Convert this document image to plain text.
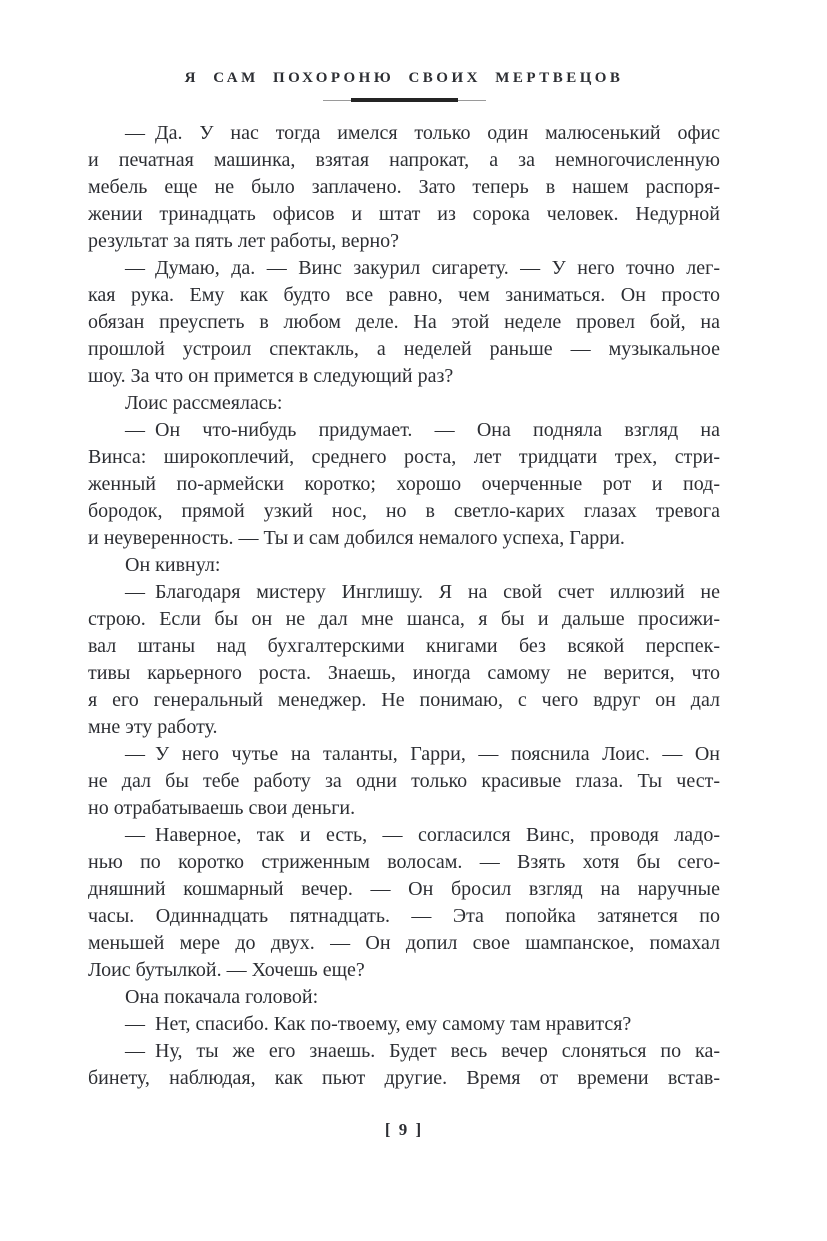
Я САМ ПОХОРОНЮ СВОИХ МЕРТВЕЦОВ
— Да. У нас тогда имелся только один малюсенький офис
и печатная машинка, взятая напрокат, а за немногочисленную
мебель еще не было заплачено. Зато теперь в нашем распоря-
жении тринадцать офисов и штат из сорока человек. Недурной
результат за пять лет работы, верно?
— Думаю, да. — Винс закурил сигарету. — У него точно лег-
кая рука. Ему как будто все равно, чем заниматься. Он просто
обязан преуспеть в любом деле. На этой неделе провел бой, на
прошлой устроил спектакль, а неделей раньше — музыкальное
шоу. За что он примется в следующий раз?
Лоис рассмеялась:
— Он что-нибудь придумает. — Она подняла взгляд на
Винса: широкоплечий, среднего роста, лет тридцати трех, стри-
женный по-армейски коротко; хорошо очерченные рот и под-
бородок, прямой узкий нос, но в светло-карих глазах тревога
и неуверенность. — Ты и сам добился немалого успеха, Гарри.
Он кивнул:
— Благодаря мистеру Инглишу. Я на свой счет иллюзий не
строю. Если бы он не дал мне шанса, я бы и дальше просижи-
вал штаны над бухгалтерскими книгами без всякой перспек-
тивы карьерного роста. Знаешь, иногда самому не верится, что
я его генеральный менеджер. Не понимаю, с чего вдруг он дал
мне эту работу.
— У него чутье на таланты, Гарри, — пояснила Лоис. — Он
не дал бы тебе работу за одни только красивые глаза. Ты чест-
но отрабатываешь свои деньги.
— Наверное, так и есть, — согласился Винс, проводя ладо-
нью по коротко стриженным волосам. — Взять хотя бы сего-
дняшний кошмарный вечер. — Он бросил взгляд на наручные
часы. Одиннадцать пятнадцать. — Эта попойка затянется по
меньшей мере до двух. — Он допил свое шампанское, помахал
Лоис бутылкой. — Хочешь еще?
Она покачала головой:
— Нет, спасибо. Как по-твоему, ему самому там нравится?
— Ну, ты же его знаешь. Будет весь вечер слоняться по ка-
бинету, наблюдая, как пьют другие. Время от времени встав-
[ 9 ]
